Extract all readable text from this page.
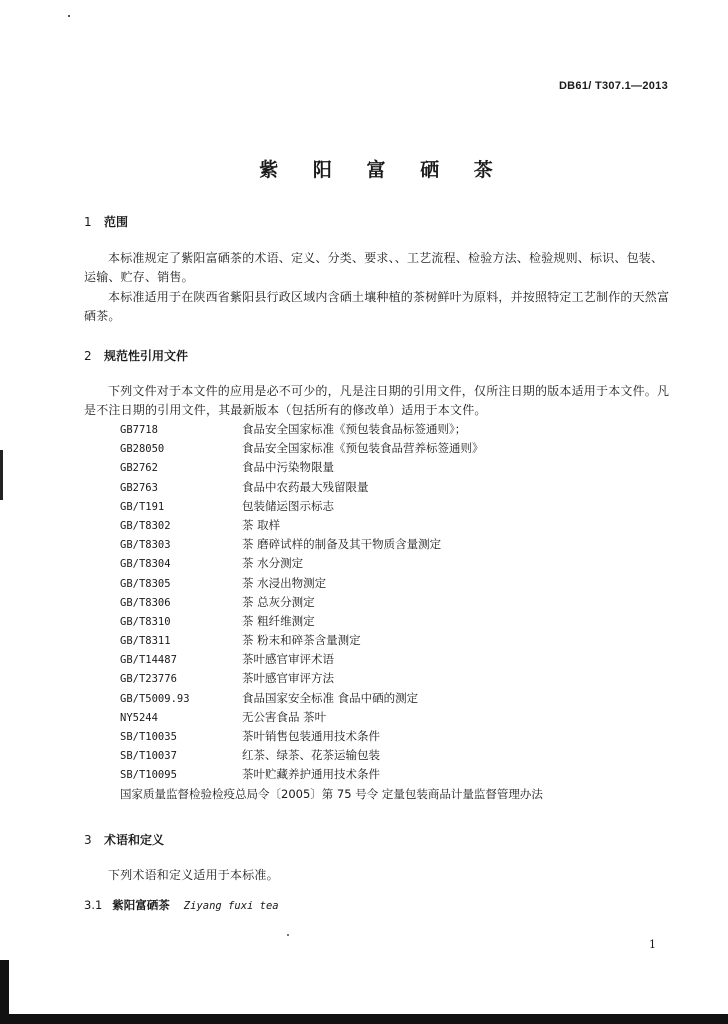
DB61/ T307.1—2013
紫 阳 富 硒 茶
1 范围
本标准规定了紫阳富硒茶的术语、定义、分类、要求、、工艺流程、检验方法、检验规则、标识、包装、运输、贮存、销售。
本标准适用于在陕西省紫阳县行政区域内含硒土壤种植的茶树鲜叶为原料，并按照特定工艺制作的天然富硒茶。
2 规范性引用文件
下列文件对于本文件的应用是必不可少的，凡是注日期的引用文件，仅所注日期的版本适用于本文件。凡是不注日期的引用文件，其最新版本（包括所有的修改单）适用于本文件。
GB7718	食品安全国家标准《预包装食品标签通则》；
GB28050	食品安全国家标准《预包装食品营养标签通则》
GB2762	食品中污染物限量
GB2763	食品中农药最大残留限量
GB/T191	包装储运图示标志
GB/T8302	茶 取样
GB/T8303	茶 磨碎试样的制备及其干物质含量测定
GB/T8304	茶 水分测定
GB/T8305	茶 水浸出物测定
GB/T8306	茶 总灰分测定
GB/T8310	茶 粗纤维测定
GB/T8311	茶 粉末和碎茶含量测定
GB/T14487	茶叶感官审评术语
GB/T23776	茶叶感官审评方法
GB/T5009.93	食品国家安全标准 食品中硒的测定
NY5244	无公害食品 茶叶
SB/T10035	茶叶销售包装通用技术条件
SB/T10037	红茶、绿茶、花茶运输包装
SB/T10095	茶叶贮藏养护通用技术条件
国家质量监督检验检疫总局令〔2005〕第 75 号令 定量包装商品计量监督管理办法
3 术语和定义
下列术语和定义适用于本标准。
3.1 紫阳富硒茶 Ziyang fuxi tea
1
